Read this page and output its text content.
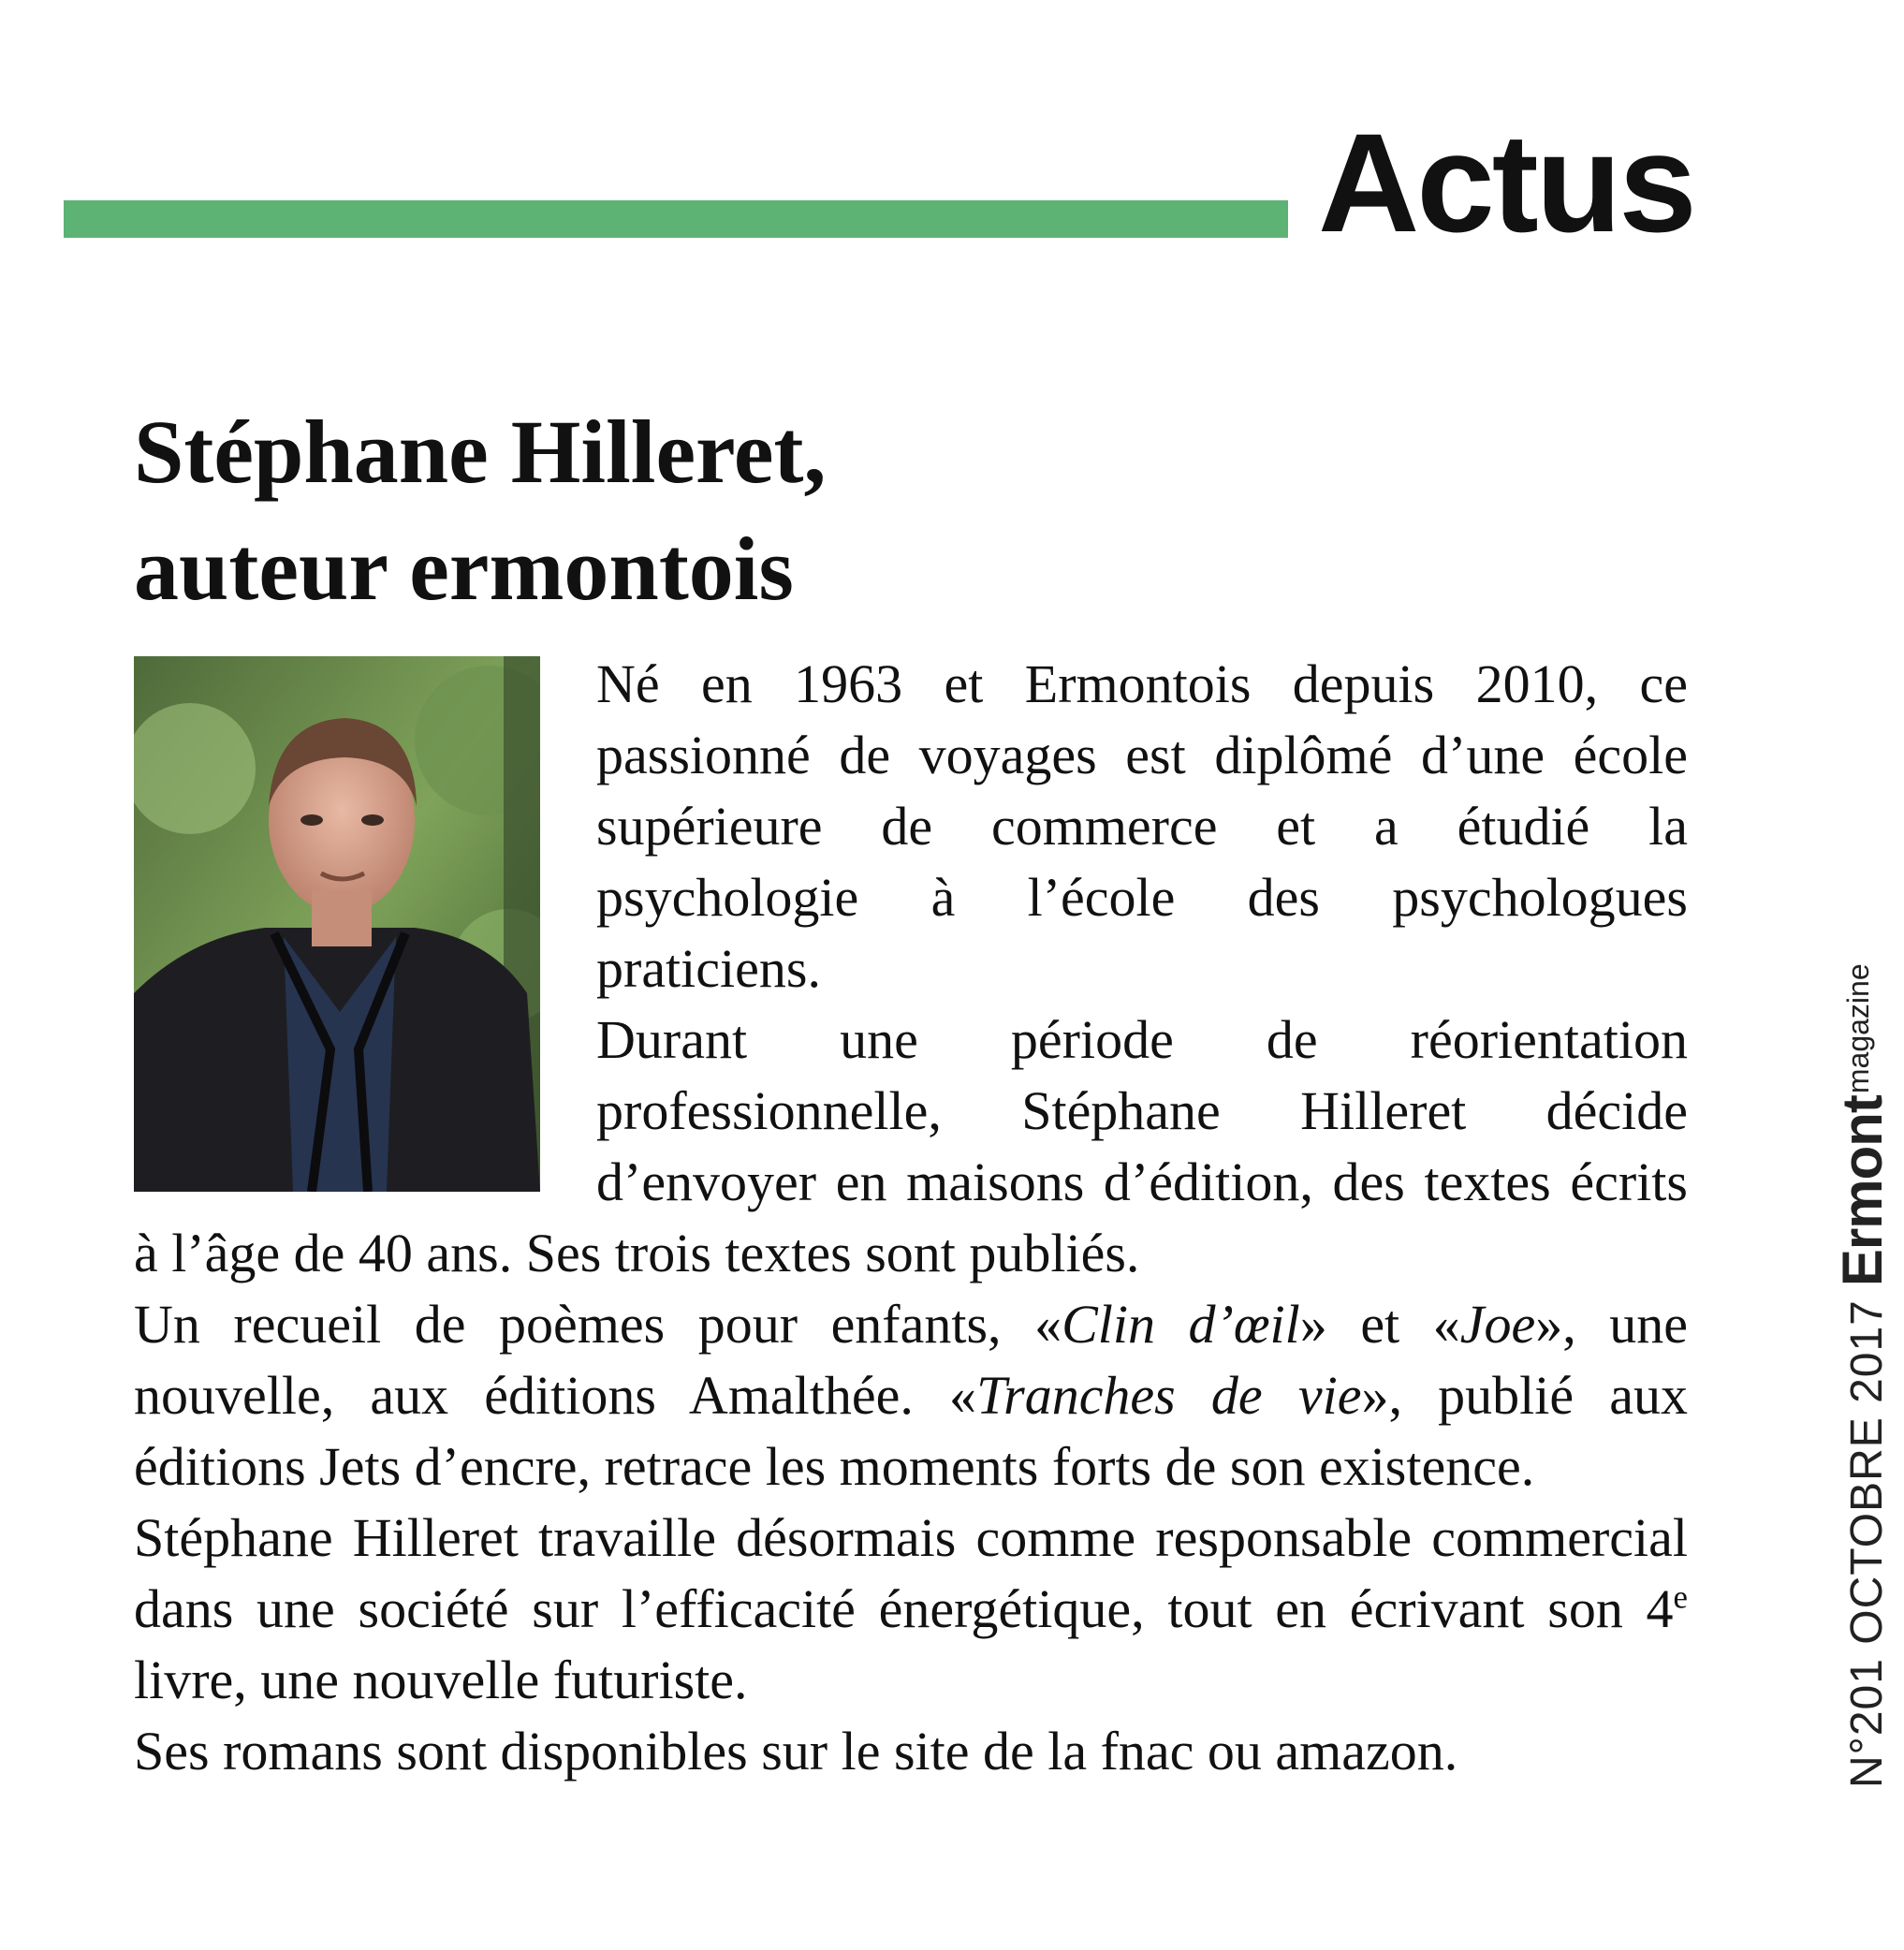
Actus
Stéphane Hilleret,
auteur ermontois

Né en 1963 et Ermontois depuis 2010, ce passionné de voyages est diplômé d’une école supérieure de commerce et a étudié la psychologie à l’école des psychologues praticiens.

Durant une période de réorientation professionnelle, Stéphane Hilleret décide d’envoyer en maisons d’édition, des textes écrits à l’âge de 40 ans. Ses trois textes sont publiés.

Un recueil de poèmes pour enfants, «Clin d’œil» et «Joe», une nouvelle, aux éditions Amalthée. «Tranches de vie», publié aux éditions Jets d’encre, retrace les moments forts de son existence.

Stéphane Hilleret travaille désormais comme responsable commercial dans une société sur l’efficacité énergétique, tout en écrivant son 4e livre, une nouvelle futuriste.

Ses romans sont disponibles sur le site de la fnac ou amazon.	N°201 OCTOBRE 2017Ermontmagazine
